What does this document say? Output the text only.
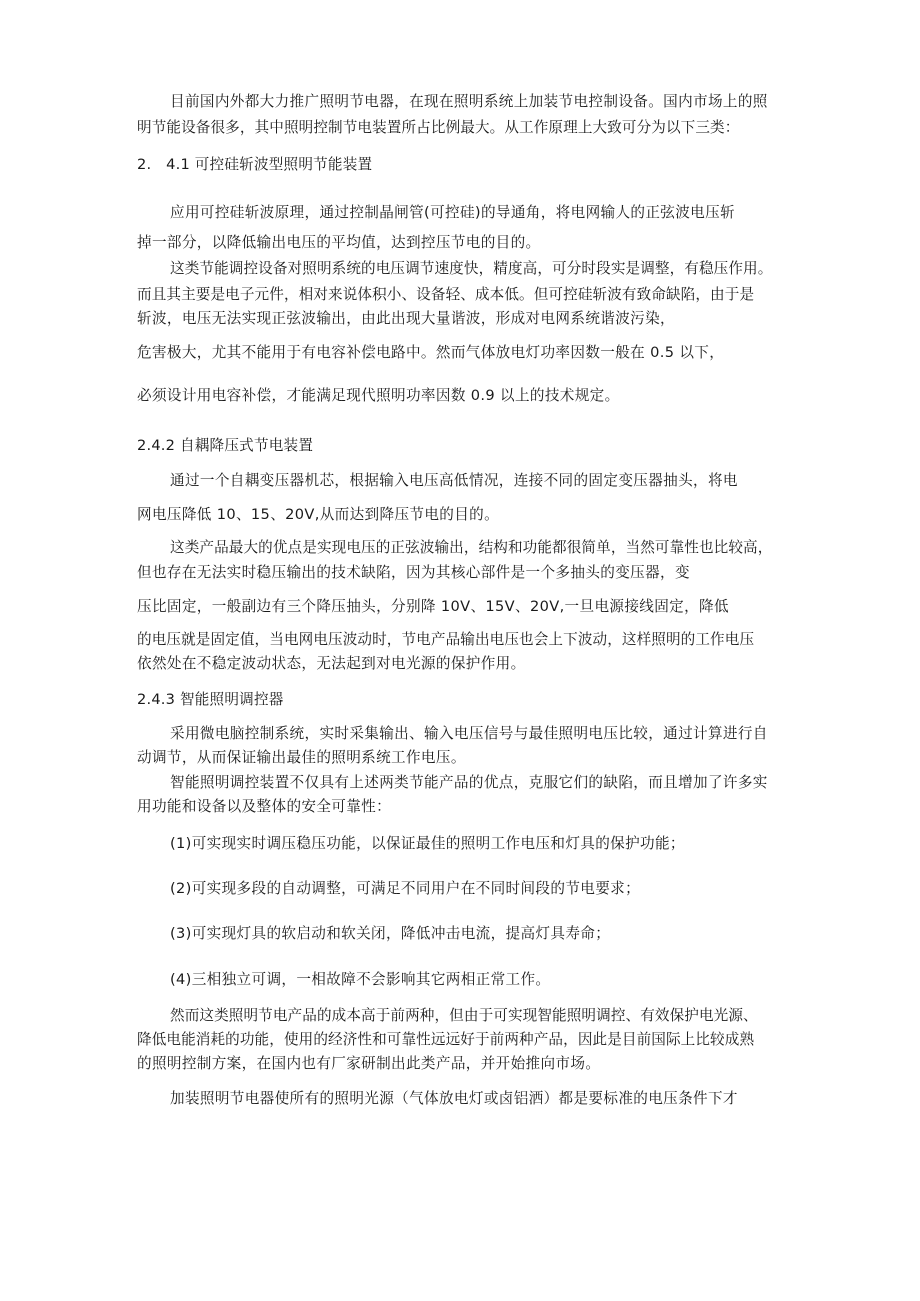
目前国内外都大力推广照明节电器，在现在照明系统上加装节电控制设备。国内市场上的照
明节能设备很多，其中照明控制节电装置所占比例最大。从工作原理上大致可分为以下三类：
2.　4.1 可控硅斩波型照明节能装置
应用可控硅斩波原理，通过控制晶闸管(可控硅)的导通角，将电网输人的正弦波电压斩
掉一部分，以降低输出电压的平均值，达到控压节电的目的。
这类节能调控设备对照明系统的电压调节速度快，精度高，可分时段实是调整，有稳压作用。
而且其主要是电子元件，相对来说体积小、设备轻、成本低。但可控硅斩波有致命缺陷，由于是
斩波，电压无法实现正弦波输出，由此出现大量谐波，形成对电网系统谐波污染，
危害极大，尤其不能用于有电容补偿电路中。然而气体放电灯功率因数一般在 0.5 以下，
必须设计用电容补偿，才能满足现代照明功率因数 0.9 以上的技术规定。
2.4.2 自耦降压式节电装置
通过一个自耦变压器机芯，根据输入电压高低情况，连接不同的固定变压器抽头，将电
网电压降低 10、15、20V,从而达到降压节电的目的。
这类产品最大的优点是实现电压的正弦波输出，结构和功能都很简单，当然可靠性也比较高，
但也存在无法实时稳压输出的技术缺陷，因为其核心部件是一个多抽头的变压器，变
压比固定，一般副边有三个降压抽头，分别降 10V、15V、20V,一旦电源接线固定，降低
的电压就是固定值，当电网电压波动时，节电产品输出电压也会上下波动，这样照明的工作电压
依然处在不稳定波动状态，无法起到对电光源的保护作用。
2.4.3 智能照明调控器
采用微电脑控制系统，实时采集输出、输入电压信号与最佳照明电压比较，通过计算进行自
动调节，从而保证输出最佳的照明系统工作电压。
智能照明调控装置不仅具有上述两类节能产品的优点，克服它们的缺陷，而且增加了许多实
用功能和设备以及整体的安全可靠性：
(1)可实现实时调压稳压功能，以保证最佳的照明工作电压和灯具的保护功能；
(2)可实现多段的自动调整，可满足不同用户在不同时间段的节电要求；
(3)可实现灯具的软启动和软关闭，降低冲击电流，提高灯具寿命；
(4)三相独立可调，一相故障不会影响其它两相正常工作。
然而这类照明节电产品的成本高于前两种，但由于可实现智能照明调控、有效保护电光源、
降低电能消耗的功能，使用的经济性和可靠性远远好于前两种产品，因此是目前国际上比较成熟
的照明控制方案，在国内也有厂家研制出此类产品，并开始推向市场。
加装照明节电器使所有的照明光源（气体放电灯或卤铝洒）都是要标准的电压条件下才
